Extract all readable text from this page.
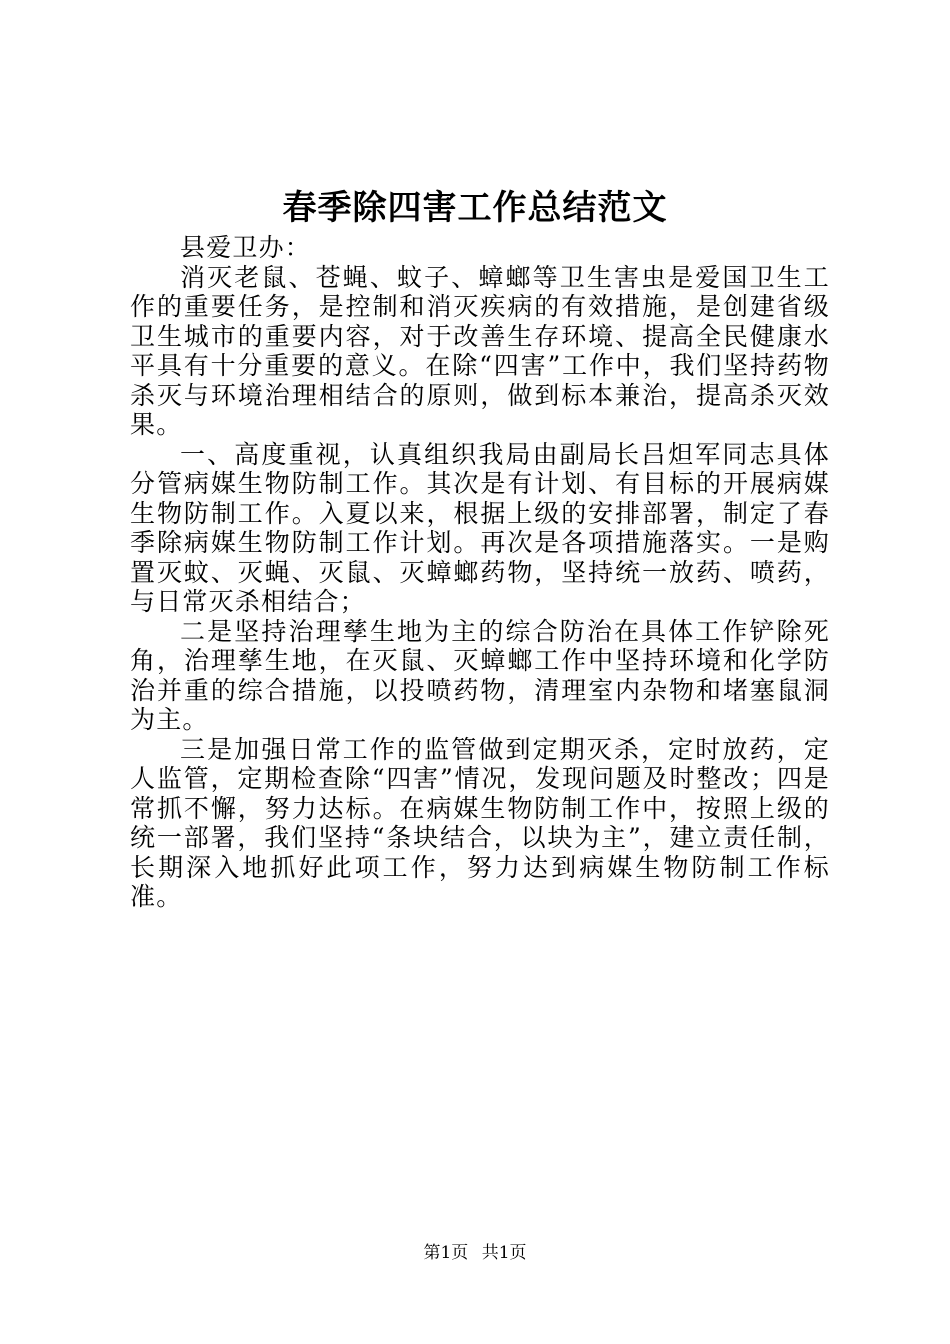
春季除四害工作总结范文

县爱卫办：

消灭老鼠、苍蝇、蚊子、蟑螂等卫生害虫是爱国卫生工作的重要任务，是控制和消灭疾病的有效措施，是创建省级卫生城市的重要内容，对于改善生存环境、提高全民健康水平具有十分重要的意义。在除“四害”工作中，我们坚持药物杀灭与环境治理相结合的原则，做到标本兼治，提高杀灭效果。

一、高度重视，认真组织我局由副局长吕炟军同志具体分管病媒生物防制工作。其次是有计划、有目标的开展病媒生物防制工作。入夏以来，根据上级的安排部署，制定了春季除病媒生物防制工作计划。再次是各项措施落实。一是购置灭蚊、灭蝇、灭鼠、灭蟑螂药物，坚持统一放药、喷药，与日常灭杀相结合；

二是坚持治理孳生地为主的综合防治在具体工作铲除死角，治理孳生地，在灭鼠、灭蟑螂工作中坚持环境和化学防治并重的综合措施，以投喷药物，清理室内杂物和堵塞鼠洞为主。

三是加强日常工作的监管做到定期灭杀，定时放药，定人监管，定期检查除“四害”情况，发现问题及时整改；四是常抓不懈，努力达标。在病媒生物防制工作中，按照上级的统一部署，我们坚持“条块结合，以块为主”，建立责任制，长期深入地抓好此项工作，努力达到病媒生物防制工作标准。

第1页 共1页
